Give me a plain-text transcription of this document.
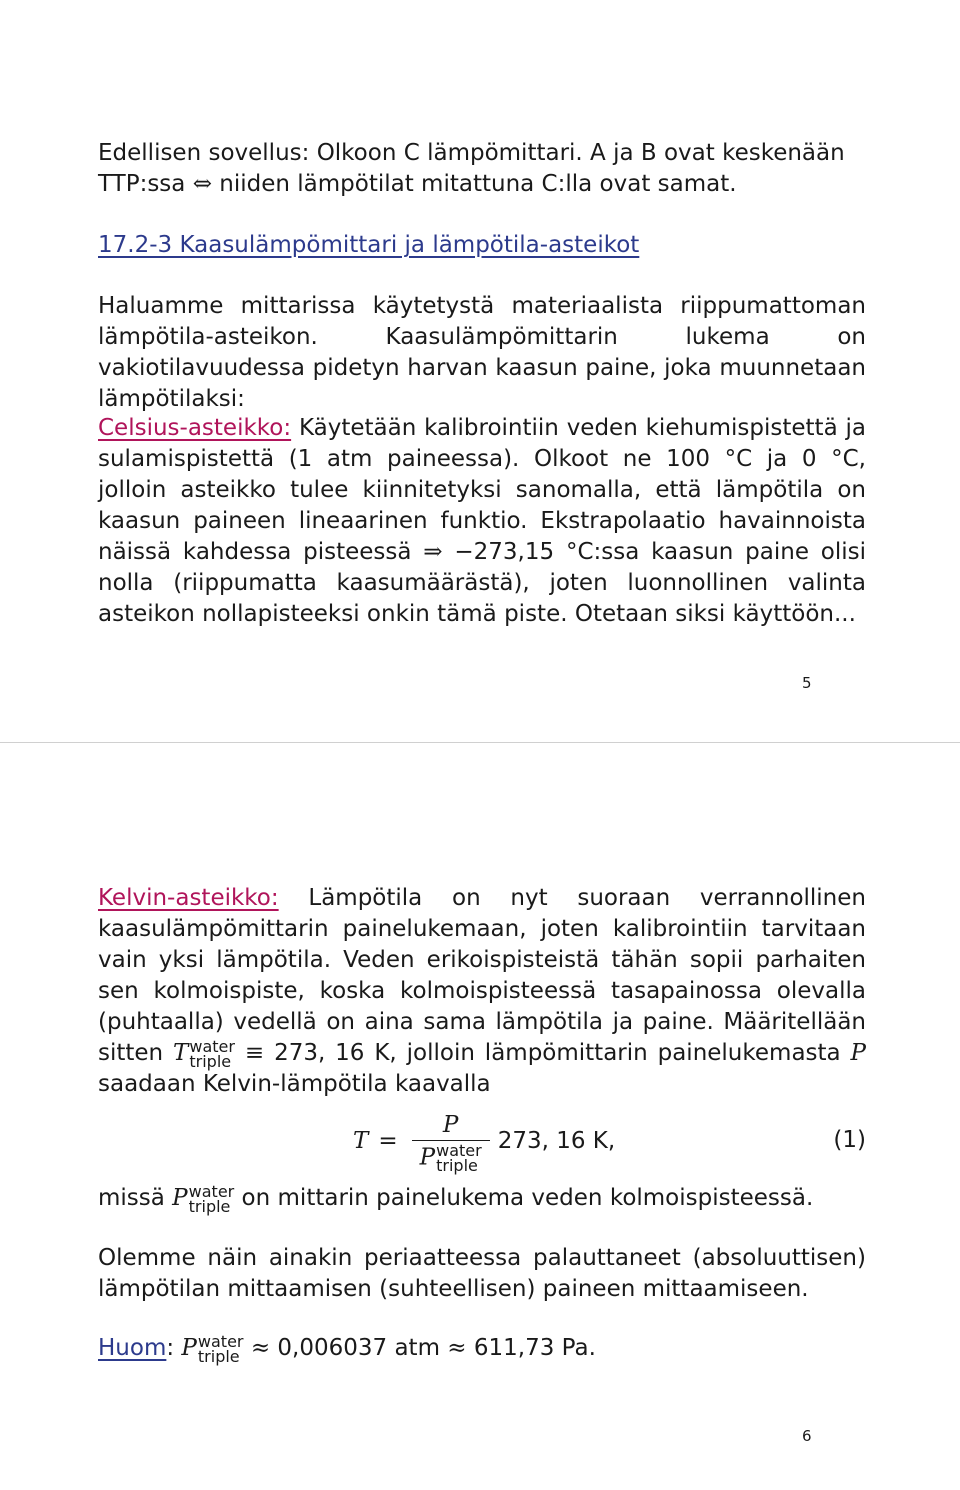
Edellisen sovellus: Olkoon C lämpömittari. A ja B ovat keskenään
TTP:ssa ⇔ niiden lämpötilat mitattuna C:lla ovat samat.

17.2-3 Kaasulämpömittari ja lämpötila-asteikot

Haluamme mittarissa käytetystä materiaalista riippumattoman lämpötila-asteikon. Kaasulämpömittarin lukema on vakiotilavuudessa pidetyn harvan kaasun paine, joka muunnetaan lämpötilaksi:

Celsius-asteikko: Käytetään kalibrointiin veden kiehumispistettä ja sulamispistettä (1 atm paineessa). Olkoot ne 100 °C ja 0 °C, jolloin asteikko tulee kiinnitetyksi sanomalla, että lämpötila on kaasun paineen lineaarinen funktio. Ekstrapolaatio havainnoista näissä kahdessa pisteessä ⇒ −273,15 °C:ssa kaasun paine olisi nolla (riippumatta kaasumäärästä), joten luonnollinen valinta asteikon nollapisteeksi onkin tämä piste. Otetaan siksi käyttöön...

5

Kelvin-asteikko: Lämpötila on nyt suoraan verrannollinen kaasulämpömittarin painelukemaan, joten kalibrointiin tarvitaan vain yksi lämpötila. Veden erikoispisteistä tähän sopii parhaiten sen kolmoispiste, koska kolmoispisteessä tasapainossa olevalla (puhtaalla) vedellä on aina sama lämpötila ja paine. Määritellään sitten T water
triple ≡ 273, 16 K, jolloin lämpömittarin painelukemasta P saadaan Kelvin-lämpötila kaavalla

T = P
P water
triple 273, 16 K,	(1)

missä P water
triple on mittarin painelukema veden kolmoispisteessä.

Olemme näin ainakin periaatteessa palauttaneet (absoluuttisen) lämpötilan mittaamisen (suhteellisen) paineen mittaamiseen.

Huom: P water
triple ≈ 0,006037 atm ≈ 611,73 Pa.

6
